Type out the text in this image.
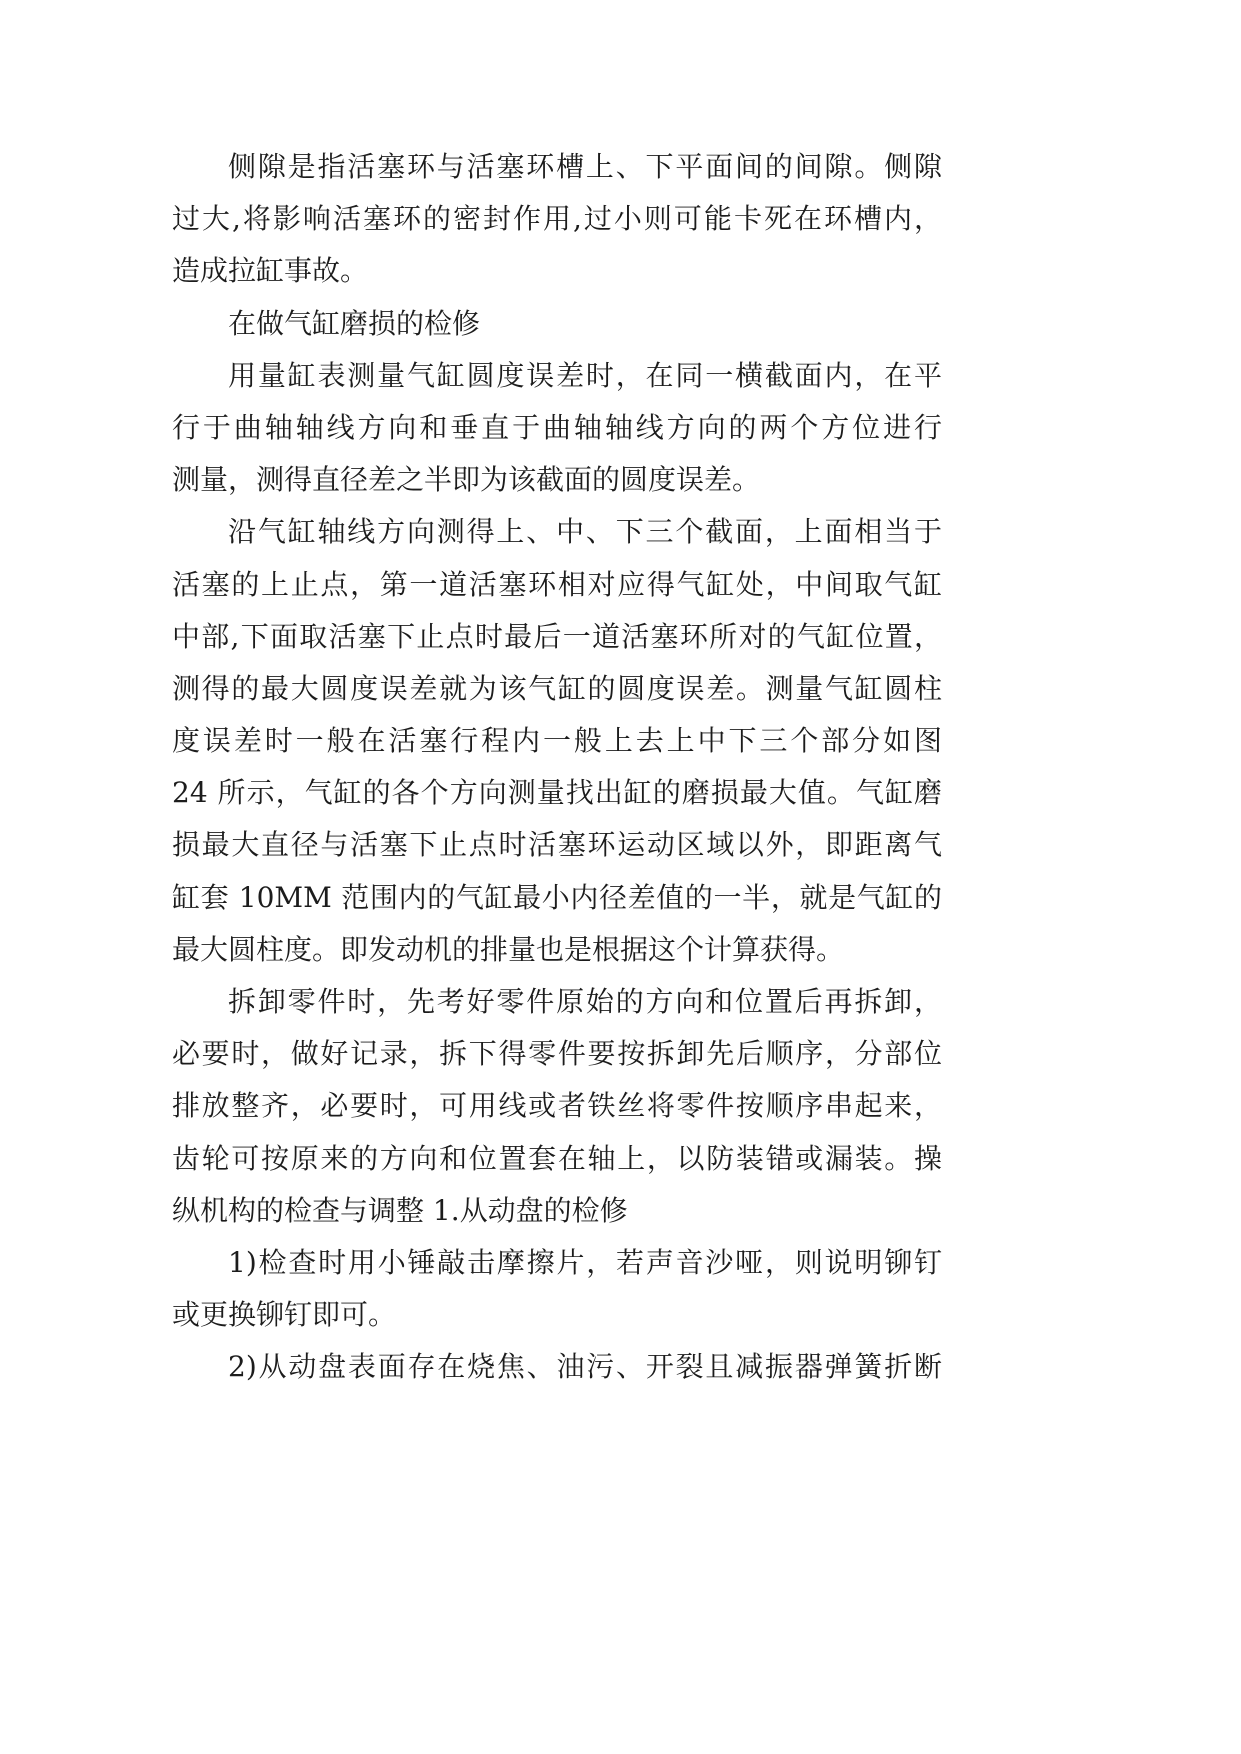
侧隙是指活塞环与活塞环槽上、下平面间的间隙。侧隙
过大,将影响活塞环的密封作用,过小则可能卡死在环槽内，
造成拉缸事故。
在做气缸磨损的检修
用量缸表测量气缸圆度误差时，在同一横截面内，在平
行于曲轴轴线方向和垂直于曲轴轴线方向的两个方位进行
测量，测得直径差之半即为该截面的圆度误差。
沿气缸轴线方向测得上、中、下三个截面，上面相当于
活塞的上止点，第一道活塞环相对应得气缸处，中间取气缸
中部,下面取活塞下止点时最后一道活塞环所对的气缸位置，
测得的最大圆度误差就为该气缸的圆度误差。测量气缸圆柱
度误差时一般在活塞行程内一般上去上中下三个部分如图
24 所示，气缸的各个方向测量找出缸的磨损最大值。气缸磨
损最大直径与活塞下止点时活塞环运动区域以外，即距离气
缸套 10MM 范围内的气缸最小内径差值的一半，就是气缸的
最大圆柱度。即发动机的排量也是根据这个计算获得。
拆卸零件时，先考好零件原始的方向和位置后再拆卸，
必要时，做好记录，拆下得零件要按拆卸先后顺序，分部位
排放整齐，必要时，可用线或者铁丝将零件按顺序串起来，
齿轮可按原来的方向和位置套在轴上，以防装错或漏装。操
纵机构的检查与调整 1.从动盘的检修
1)检查时用小锤敲击摩擦片，若声音沙哑，则说明铆钉
或更换铆钉即可。
2)从动盘表面存在烧焦、油污、开裂且减振器弹簧折断
